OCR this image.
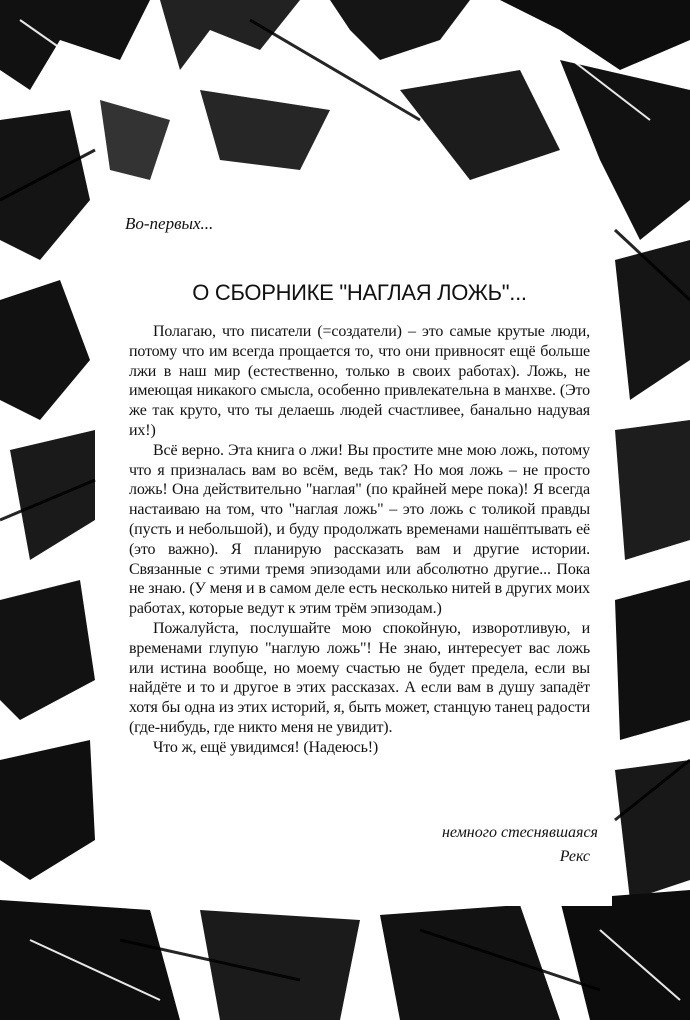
Во-первых...
О СБОРНИКЕ "НАГЛАЯ ЛОЖЬ"...

Полагаю, что писатели (=создатели) – это самые крутые люди, потому что им всегда прощается то, что они привносят ещё больше лжи в наш мир (естественно, только в своих работах). Ложь, не имеющая никакого смысла, особенно привлекательна в манхве. (Это же так круто, что ты делаешь людей счастливее, банально надувая их!)

Всё верно. Эта книга о лжи! Вы простите мне мою ложь, потому что я призналась вам во всём, ведь так? Но моя ложь – не просто ложь! Она действительно "наглая" (по крайней мере пока)! Я всегда настаиваю на том, что "наглая ложь" – это ложь с толикой правды (пусть и небольшой), и буду продолжать временами нашёптывать её (это важно). Я планирую рассказать вам и другие истории. Связанные с этими тремя эпизодами или абсолютно другие... Пока не знаю. (У меня и в самом деле есть несколько нитей в других моих работах, которые ведут к этим трём эпизодам.)

Пожалуйста, послушайте мою спокойную, изворотливую, и временами глупую "наглую ложь"! Не знаю, интересует вас ложь или истина вообще, но моему счастью не будет предела, если вы найдёте и то и другое в этих рассказах. А если вам в душу западёт хотя бы одна из этих историй, я, быть может, станцую танец радости (где-нибудь, где никто меня не увидит).

Что ж, ещё увидимся! (Надеюсь!)

немного стеснявшаяся
Рекс
